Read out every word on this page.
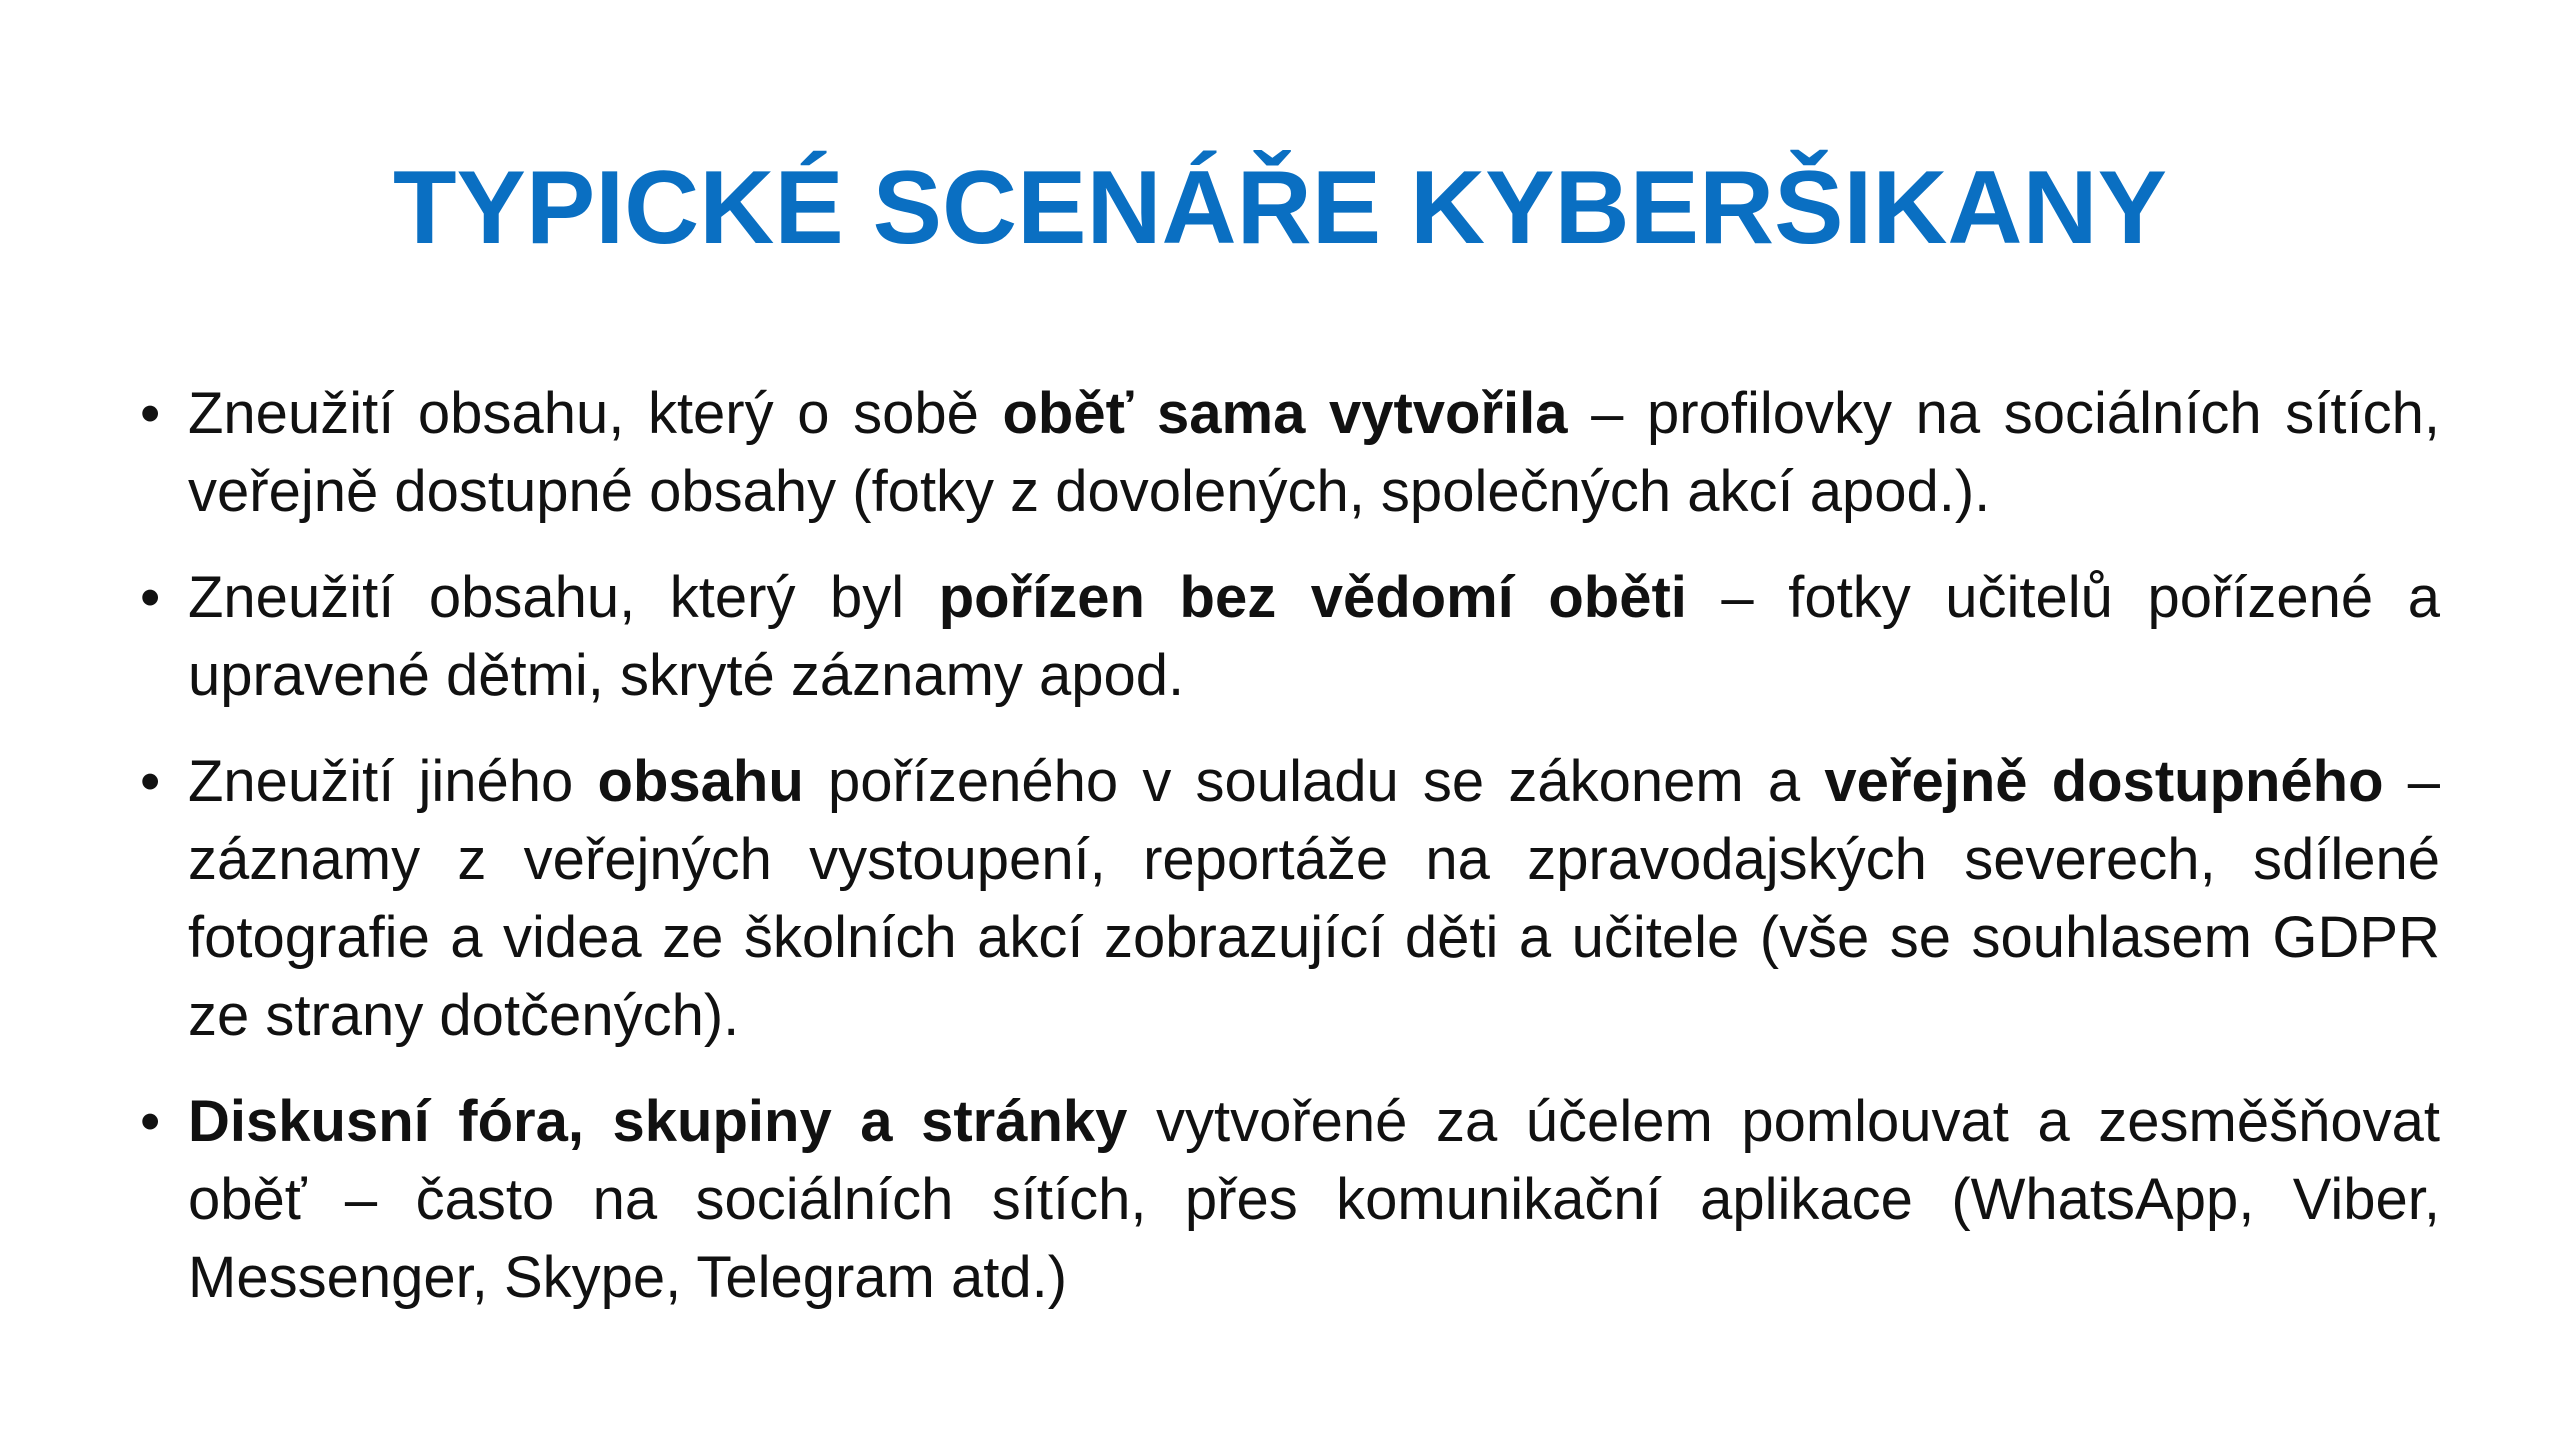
TYPICKÉ SCENÁŘE KYBERŠIKANY
• Zneužití obsahu, který o sobě oběť sama vytvořila – profilovky na sociálních sítích, veřejně dostupné obsahy (fotky z dovolených, společných akcí apod.).
• Zneužití obsahu, který byl pořízen bez vědomí oběti – fotky učitelů pořízené a upravené dětmi, skryté záznamy apod.
• Zneužití jiného obsahu pořízeného v souladu se zákonem a veřejně dostupného – záznamy z veřejných vystoupení, reportáže na zpravodajských severech, sdílené fotografie a videa ze školních akcí zobrazující děti a učitele (vše se souhlasem GDPR ze strany dotčených).
• Diskusní fóra, skupiny a stránky vytvořené za účelem pomlouvat a zesměšňovat oběť – často na sociálních sítích, přes komunikační aplikace (WhatsApp, Viber, Messenger, Skype, Telegram atd.)
